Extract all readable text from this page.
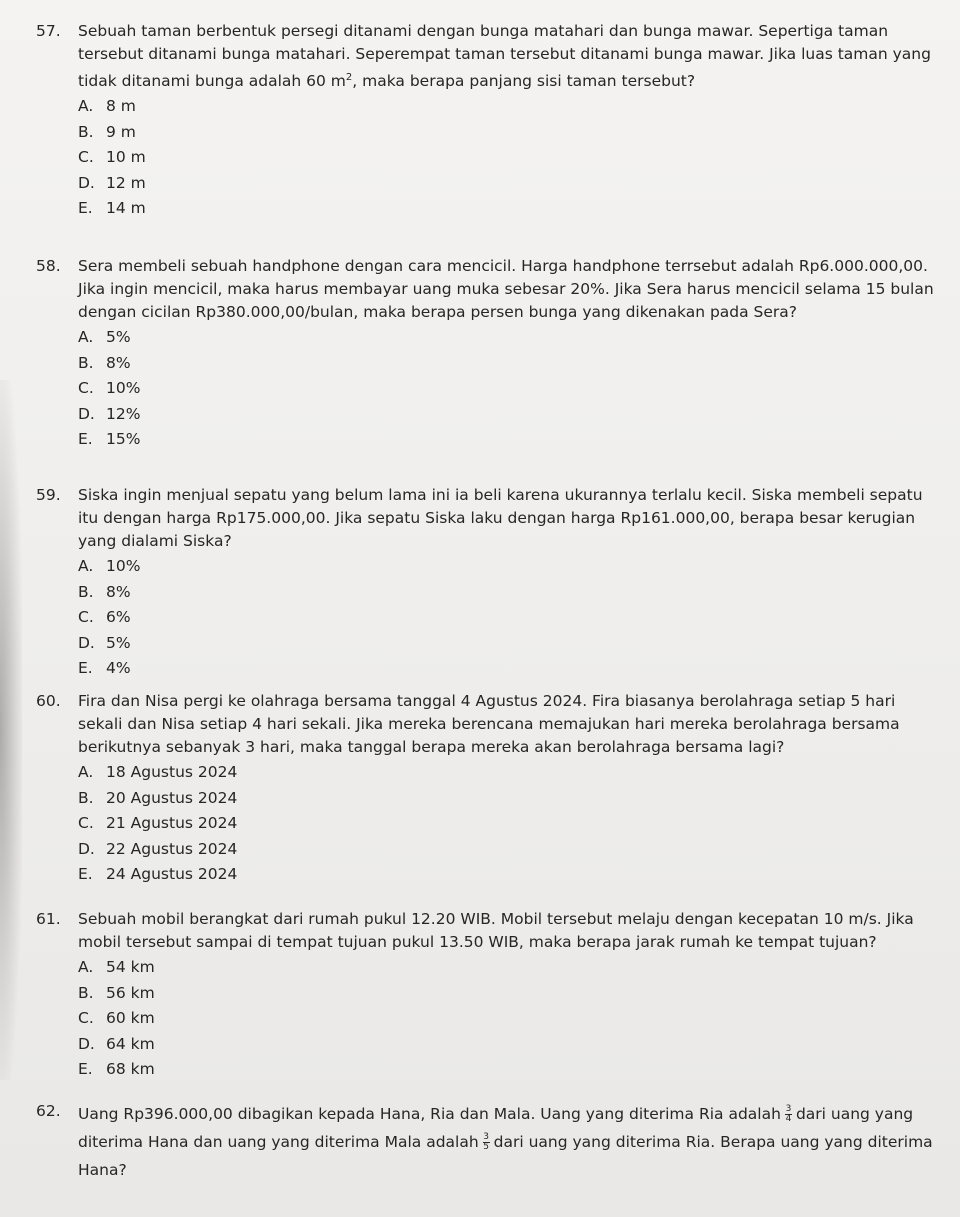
57.	Sebuah taman berbentuk persegi ditanami dengan bunga matahari dan bunga mawar. Sepertiga taman tersebut ditanami bunga matahari. Seperempat taman tersebut ditanami bunga mawar. Jika luas taman yang tidak ditanami bunga adalah 60 $m^2$, maka berapa panjang sisi taman tersebut?
A. 8 m
B. 9 m
C. 10 m
D. 12 m
E. 14 m
58.	Sera membeli sebuah handphone dengan cara mencicil. Harga handphone terrsebut adalah Rp6.000.000,00. Jika ingin mencicil, maka harus membayar uang muka sebesar 20%. Jika Sera harus mencicil selama 15 bulan dengan cicilan Rp380.000,00/bulan, maka berapa persen bunga yang dikenakan pada Sera?
A. 5%
B. 8%
C. 10%
D. 12%
E. 15%
59.	Siska ingin menjual sepatu yang belum lama ini ia beli karena ukurannya terlalu kecil. Siska membeli sepatu itu dengan harga Rp175.000,00. Jika sepatu Siska laku dengan harga Rp161.000,00, berapa besar kerugian yang dialami Siska?
A. 10%
B. 8%
C. 6%
D. 5%
E. 4%
60.	Fira dan Nisa pergi ke olahraga bersama tanggal 4 Agustus 2024. Fira biasanya berolahraga setiap 5 hari sekali dan Nisa setiap 4 hari sekali. Jika mereka berencana memajukan hari mereka berolahraga bersama berikutnya sebanyak 3 hari, maka tanggal berapa mereka akan berolahraga bersama lagi?
A. 18 Agustus 2024
B. 20 Agustus 2024
C. 21 Agustus 2024
D. 22 Agustus 2024
E. 24 Agustus 2024
61.	Sebuah mobil berangkat dari rumah pukul 12.20 WIB. Mobil tersebut melaju dengan kecepatan 10 m/s. Jika mobil tersebut sampai di tempat tujuan pukul 13.50 WIB, maka berapa jarak rumah ke tempat tujuan?
A. 54 km
B. 56 km
C. 60 km
D. 64 km
E. 68 km
62.	Uang Rp396.000,00 dibagikan kepada Hana, Ria dan Mala. Uang yang diterima Ria adalah $\frac{3}{4}$ dari uang yang diterima Hana dan uang yang diterima Mala adalah $\frac{3}{5}$ dari uang yang diterima Ria. Berapa uang yang diterima Hana?
